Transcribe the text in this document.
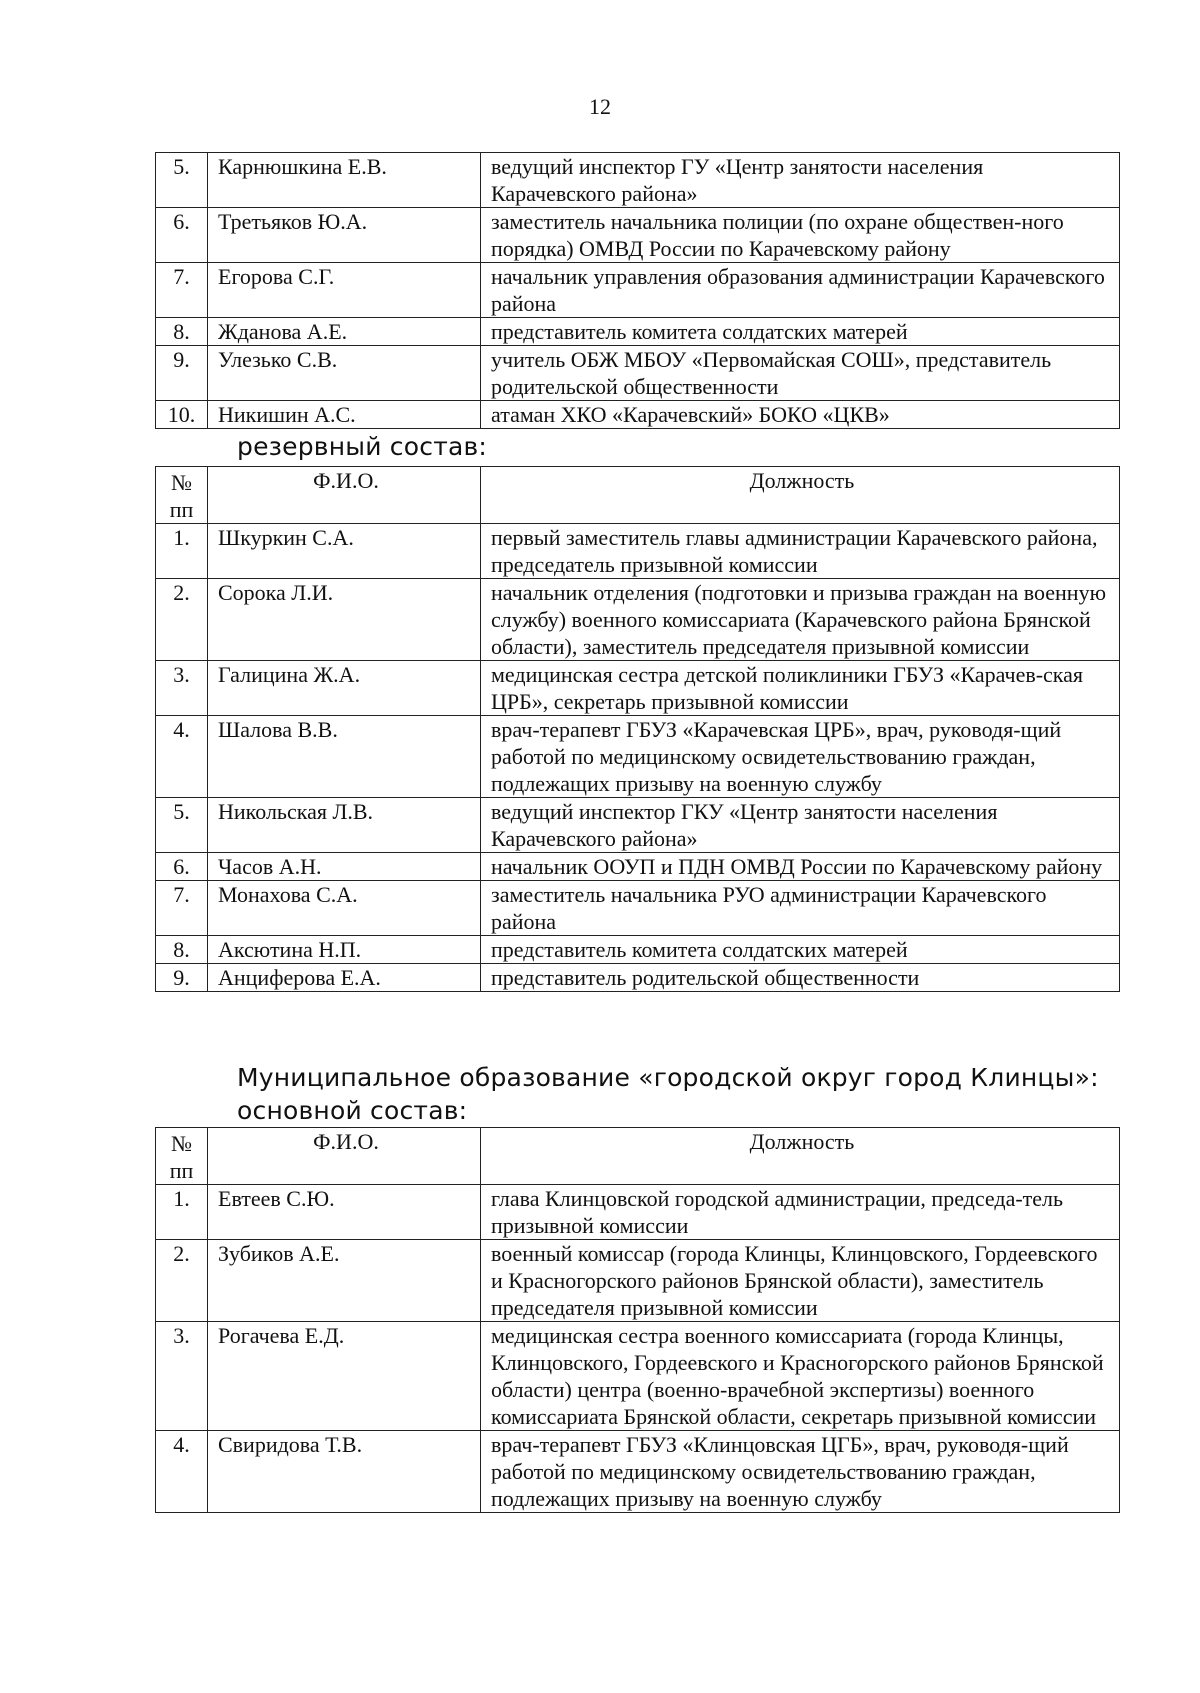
12
5.	Карнюшкина Е.В.	ведущий инспектор ГУ «Центр занятости населения Карачевского района»
6.	Третьяков Ю.А.	заместитель начальника полиции (по охране обществен-ного порядка) ОМВД России по Карачевскому району
7.	Егорова С.Г.	начальник управления образования администрации Карачевского района
8.	Жданова А.Е.	представитель комитета солдатских матерей
9.	Улезько С.В.	учитель ОБЖ МБОУ «Первомайская СОШ», представитель родительской общественности
10.	Никишин А.С.	атаман ХКО «Карачевский» БОКО «ЦКВ»
резервный состав:
№ пп	Ф.И.О.	Должность
1.	Шкуркин С.А.	первый заместитель главы администрации Карачевского района, председатель призывной комиссии
2.	Сорока Л.И.	начальник отделения (подготовки и призыва граждан на военную службу) военного комиссариата (Карачевского района Брянской области), заместитель председателя призывной комиссии
3.	Галицина Ж.А.	медицинская сестра детской поликлиники ГБУЗ «Карачев-ская ЦРБ», секретарь призывной комиссии
4.	Шалова В.В.	врач-терапевт ГБУЗ «Карачевская ЦРБ», врач, руководя-щий работой по медицинскому освидетельствованию граждан, подлежащих призыву на военную службу
5.	Никольская Л.В.	ведущий инспектор ГКУ «Центр занятости населения Карачевского района»
6.	Часов А.Н.	начальник ООУП и ПДН ОМВД России по Карачевскому району
7.	Монахова С.А.	заместитель начальника РУО администрации Карачевского района
8.	Аксютина Н.П.	представитель комитета солдатских матерей
9.	Анциферова Е.А.	представитель родительской общественности
Муниципальное образование «городской округ город Клинцы»:
основной состав:
№ пп	Ф.И.О.	Должность
1.	Евтеев С.Ю.	глава Клинцовской городской администрации, председа-тель призывной комиссии
2.	Зубиков А.Е.	военный комиссар (города Клинцы, Клинцовского, Гордеевского и Красногорского районов Брянской области), заместитель председателя призывной комиссии
3.	Рогачева Е.Д.	медицинская сестра военного комиссариата (города Клинцы, Клинцовского, Гордеевского и Красногорского районов Брянской области) центра (военно-врачебной экспертизы) военного комиссариата Брянской области, секретарь призывной комиссии
4.	Свиридова Т.В.	врач-терапевт ГБУЗ «Клинцовская ЦГБ», врач, руководя-щий работой по медицинскому освидетельствованию граждан, подлежащих призыву на военную службу
